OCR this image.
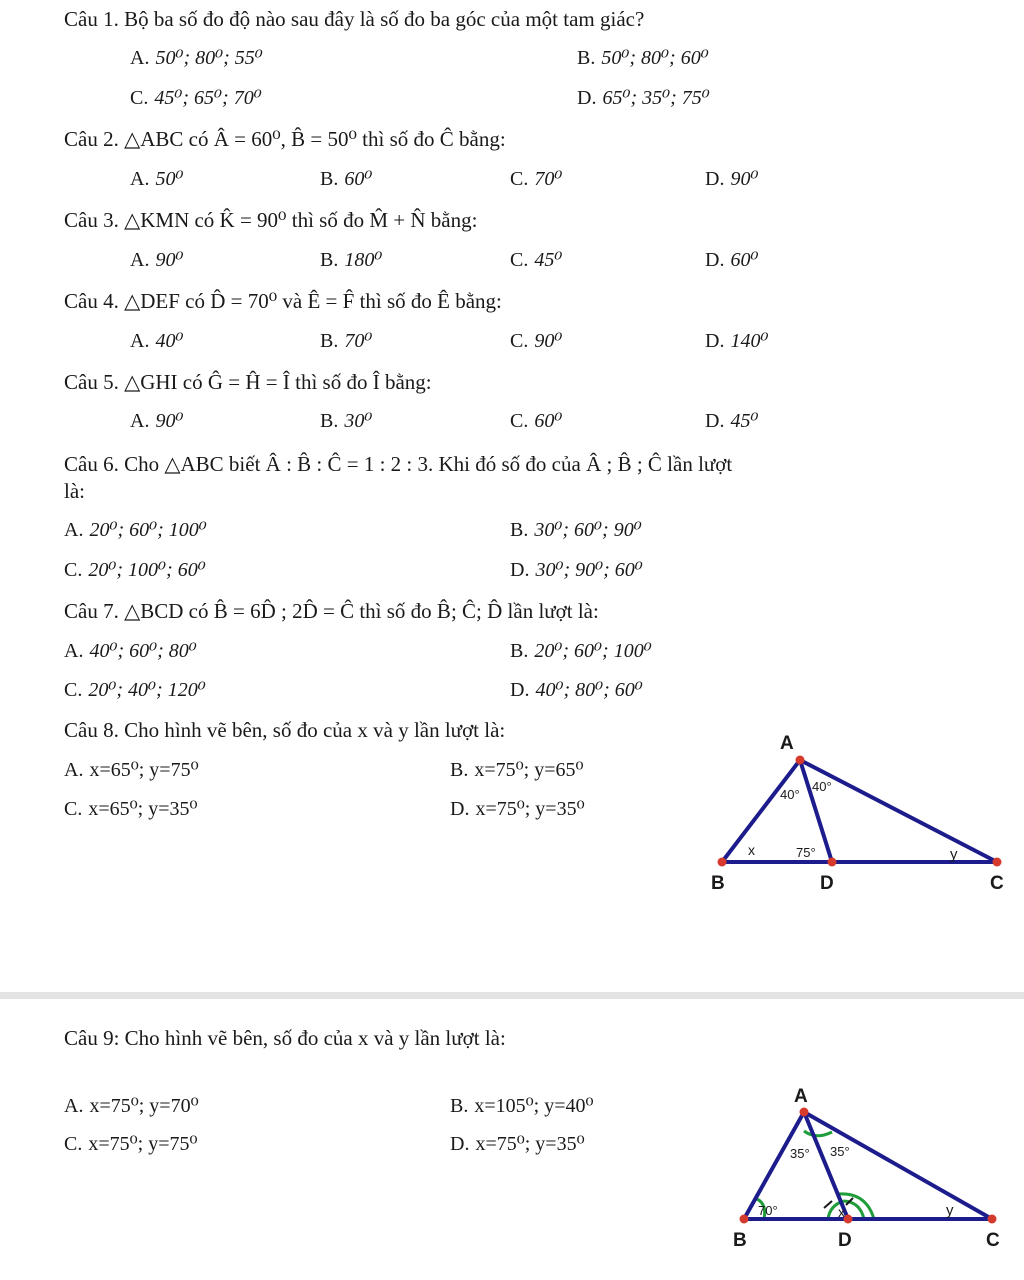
Câu 1. Bộ ba số đo độ nào sau đây là số đo ba góc của một tam giác?
A. 50⁰; 80⁰; 55⁰	B. 50⁰; 80⁰; 60⁰
C. 45⁰; 65⁰; 70⁰	D. 65⁰; 35⁰; 75⁰
Câu 2. △ABC có Â = 60⁰, B̂ = 50⁰ thì số đo Ĉ bằng:
A. 50⁰	B. 60⁰	C. 70⁰	D. 90⁰
Câu 3. △KMN có K̂ = 90⁰ thì số đo M̂ + N̂ bằng:
A. 90⁰	B. 180⁰	C. 45⁰	D. 60⁰
Câu 4. △DEF có D̂ = 70⁰ và Ê = F̂ thì số đo Ê bằng:
A. 40⁰	B. 70⁰	C. 90⁰	D. 140⁰
Câu 5. △GHI có Ĝ = Ĥ = Î thì số đo Î bằng:
A. 90⁰	B. 30⁰	C. 60⁰	D. 45⁰
Câu 6. Cho △ABC biết Â : B̂ : Ĉ = 1 : 2 : 3. Khi đó số đo của Â ; B̂ ; Ĉ lần lượt
là:
A. 20⁰; 60⁰; 100⁰	B. 30⁰; 60⁰; 90⁰
C. 20⁰; 100⁰; 60⁰	D. 30⁰; 90⁰; 60⁰
Câu 7. △BCD có B̂ = 6D̂ ; 2D̂ = Ĉ thì số đo B̂; Ĉ; D̂ lần lượt là:
A. 40⁰; 60⁰; 80⁰	B. 20⁰; 60⁰; 100⁰
C. 20⁰; 40⁰; 120⁰	D. 40⁰; 80⁰; 60⁰
Câu 8. Cho hình vẽ bên, số đo của x và y lần lượt là:
A. x=65⁰; y=75⁰	B. x=75⁰; y=65⁰
C. x=65⁰; y=35⁰	D. x=75⁰; y=35⁰
A
B	D	C
40°
40°
75°
x	y
Câu 9: Cho hình vẽ bên, số đo của x và y lần lượt là:
A. x=75⁰; y=70⁰	B. x=105⁰; y=40⁰
C. x=75⁰; y=75⁰	D. x=75⁰; y=35⁰
A
B	D	C
35° 35°
70°	x	y
